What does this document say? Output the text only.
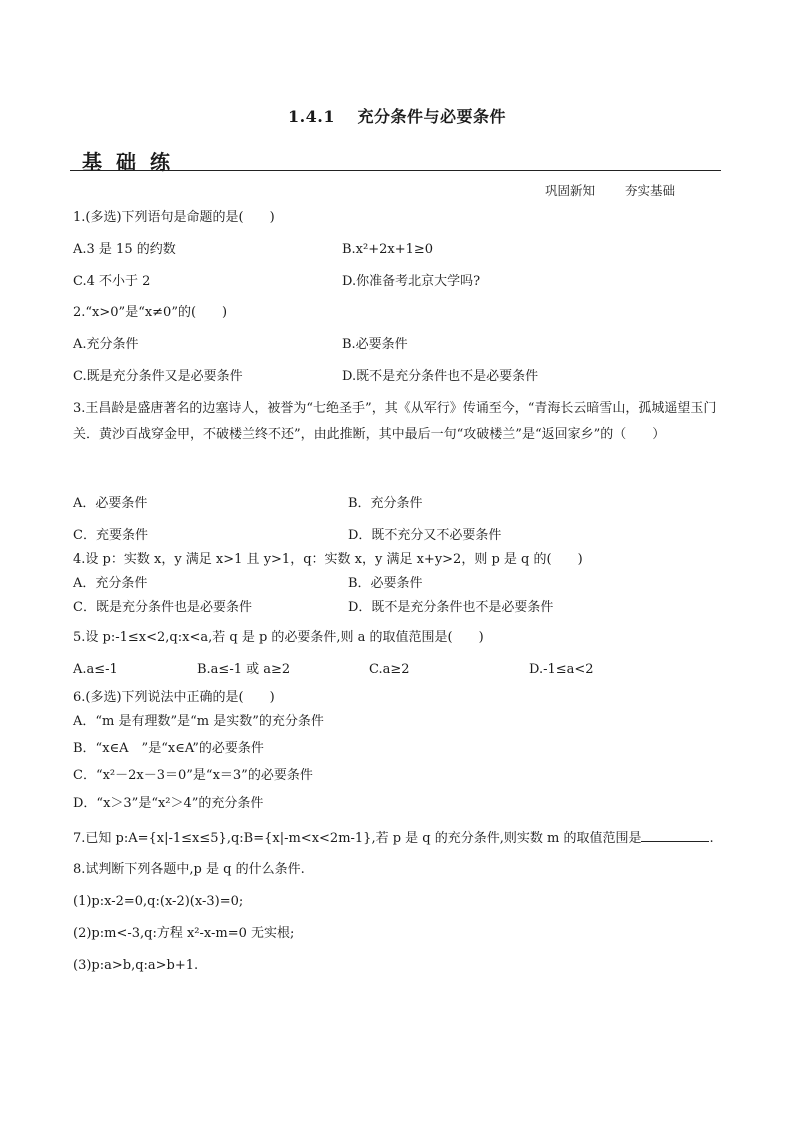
1.4.1　 充分条件与必要条件
基础练
巩固新知 夯实基础
1.(多选)下列语句是命题的是(　　)
A.3 是 15 的约数	B.x²+2x+1≥0
C.4 不小于 2	D.你准备考北京大学吗?
2.“x>0”是“x≠0”的(　　)
A.充分条件	B.必要条件
C.既是充分条件又是必要条件	D.既不是充分条件也不是必要条件
3.王昌龄是盛唐著名的边塞诗人，被誉为“七绝圣手”，其《从军行》传诵至今，“青海长云暗雪山，孤城遥望玉门关．黄沙百战穿金甲，不破楼兰终不还”，由此推断，其中最后一句“攻破楼兰”是“返回家乡”的（　　）
A．必要条件	B．充分条件
C．充要条件	D．既不充分又不必要条件
4.设 p：实数 x，y 满足 x>1 且 y>1，q：实数 x，y 满足 x+y>2，则 p 是 q 的(　　)
A．充分条件	B．必要条件
C．既是充分条件也是必要条件	D．既不是充分条件也不是必要条件
5.设 p:-1≤x<2,q:x<a,若 q 是 p 的必要条件,则 a 的取值范围是(　　)
A.a≤-1	B.a≤-1 或 a≥2	C.a≥2	D.-1≤a<2
6.(多选)下列说法中正确的是(　　)
A．“m 是有理数”是“m 是实数”的充分条件
B．“x∈A　”是“x∈A”的必要条件
C．“x²－2x－3＝0”是“x＝3”的必要条件
D．“x＞3”是“x²＞4”的充分条件
7.已知 p:A={x|-1≤x≤5},q:B={x|-m<x<2m-1},若 p 是 q 的充分条件,则实数 m 的取值范围是	.
8.试判断下列各题中,p 是 q 的什么条件.
(1)p:x-2=0,q:(x-2)(x-3)=0;
(2)p:m<-3,q:方程 x²-x-m=0 无实根;
(3)p:a>b,q:a>b+1.
